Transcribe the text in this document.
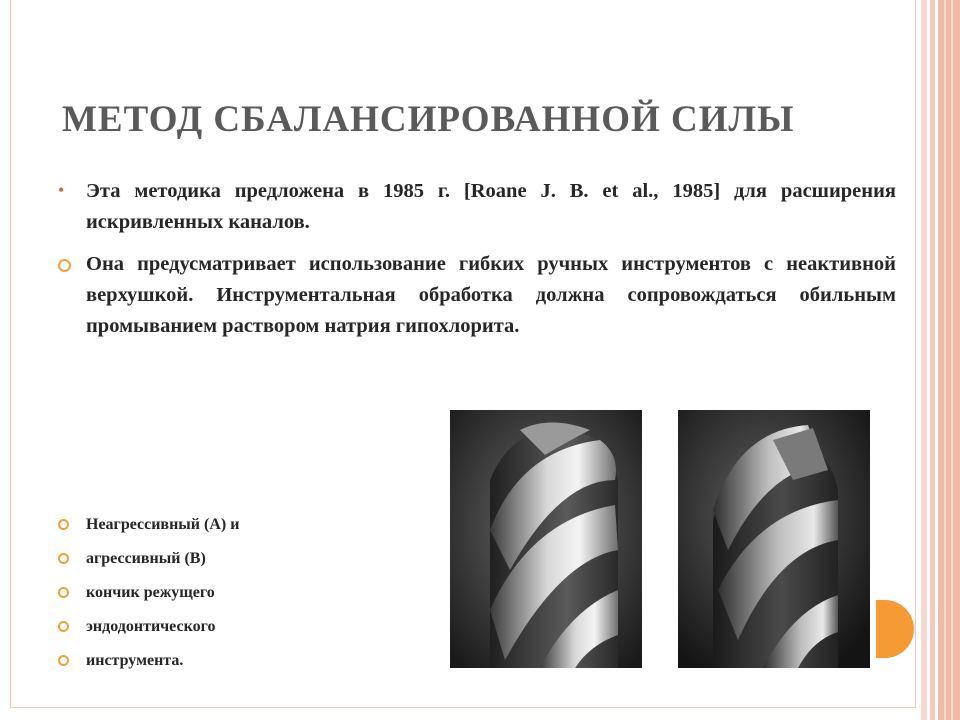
МЕТОД СБАЛАНСИРОВАННОЙ СИЛЫ
• Эта методика предложена в 1985 г. [Roane J. B. et al., 1985] для расширения искривленных каналов.
Она предусматривает использование гибких ручных инструментов с неактивной верхушкой. Инструментальная обработка должна сопровождаться обильным промыванием раствором натрия гипохлорита.
Неагрессивный (А) и
агрессивный (В)
кончик режущего
эндодонтического
инструмента.
